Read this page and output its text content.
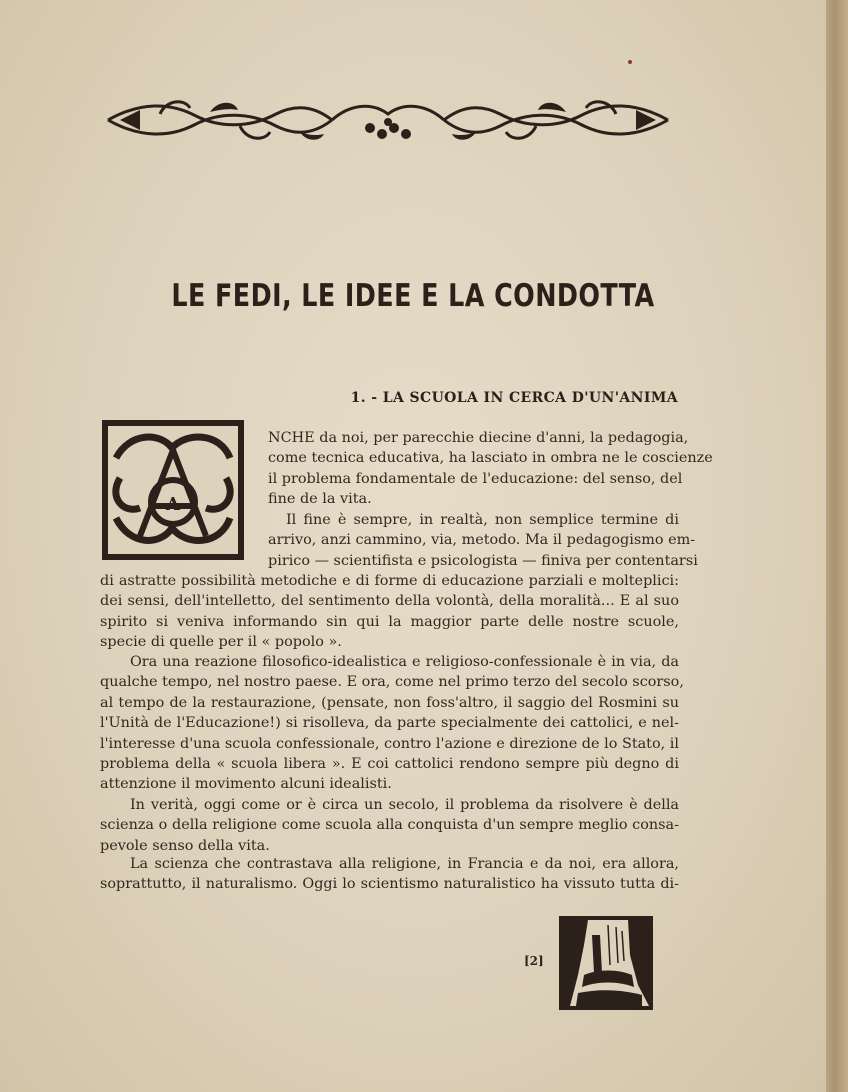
LE FEDI, LE IDEE E LA CONDOTTA
1. - LA SCUOLA IN CERCA D'UN'ANIMA
A
NCHE da noi, per parecchie diecine d'anni, la pedagogia,
come tecnica educativa, ha lasciato in ombra ne le coscienze
il problema fondamentale de l'educazione: del senso, del
fine de la vita.
Il fine è sempre, in realtà, non semplice termine di
arrivo, anzi cammino, via, metodo. Ma il pedagogismo em-
pirico — scientifista e psicologista — finiva per contentarsi
di astratte possibilità metodiche e di forme di educazione parziali e molteplici:
dei sensi, dell'intelletto, del sentimento della volontà, della moralità... E al suo
spirito si veniva informando sin qui la maggior parte delle nostre scuole,
specie di quelle per il « popolo ».
Ora una reazione filosofico-idealistica e religioso-confessionale è in via, da
qualche tempo, nel nostro paese. E ora, come nel primo terzo del secolo scorso,
al tempo de la restaurazione, (pensate, non foss'altro, il saggio del Rosmini su
l'Unità de l'Educazione!) si risolleva, da parte specialmente dei cattolici, e nel-
l'interesse d'una scuola confessionale, contro l'azione e direzione de lo Stato, il
problema della « scuola libera ». E coi cattolici rendono sempre più degno di
attenzione il movimento alcuni idealisti.
In verità, oggi come or è circa un secolo, il problema da risolvere è della
scienza o della religione come scuola alla conquista d'un sempre meglio consa-
pevole senso della vita.
La scienza che contrastava alla religione, in Francia e da noi, era allora,
soprattutto, il naturalismo. Oggi lo scientismo naturalistico ha vissuto tutta di-
[2]
